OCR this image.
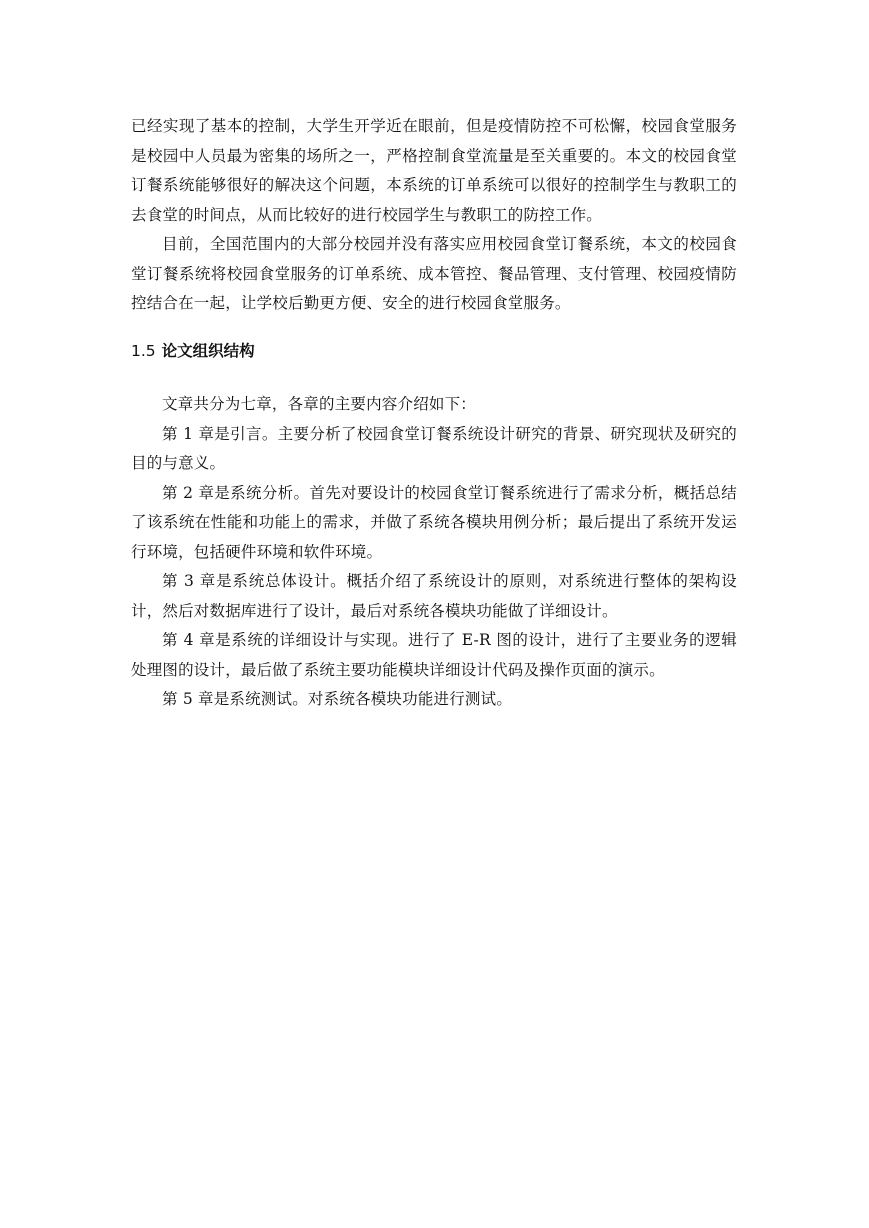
已经实现了基本的控制，大学生开学近在眼前，但是疫情防控不可松懈，校园食堂服务是校园中人员最为密集的场所之一，严格控制食堂流量是至关重要的。本文的校园食堂订餐系统能够很好的解决这个问题，本系统的订单系统可以很好的控制学生与教职工的去食堂的时间点，从而比较好的进行校园学生与教职工的防控工作。

目前，全国范围内的大部分校园并没有落实应用校园食堂订餐系统，本文的校园食堂订餐系统将校园食堂服务的订单系统、成本管控、餐品管理、支付管理、校园疫情防控结合在一起，让学校后勤更方便、安全的进行校园食堂服务。

1.5 论文组织结构

文章共分为七章，各章的主要内容介绍如下：

第 1 章是引言。主要分析了校园食堂订餐系统设计研究的背景、研究现状及研究的目的与意义。

第 2 章是系统分析。首先对要设计的校园食堂订餐系统进行了需求分析，概括总结了该系统在性能和功能上的需求，并做了系统各模块用例分析；最后提出了系统开发运行环境，包括硬件环境和软件环境。

第 3 章是系统总体设计。概括介绍了系统设计的原则，对系统进行整体的架构设计，然后对数据库进行了设计，最后对系统各模块功能做了详细设计。

第 4 章是系统的详细设计与实现。进行了 E-R 图的设计，进行了主要业务的逻辑处理图的设计，最后做了系统主要功能模块详细设计代码及操作页面的演示。

第 5 章是系统测试。对系统各模块功能进行测试。
